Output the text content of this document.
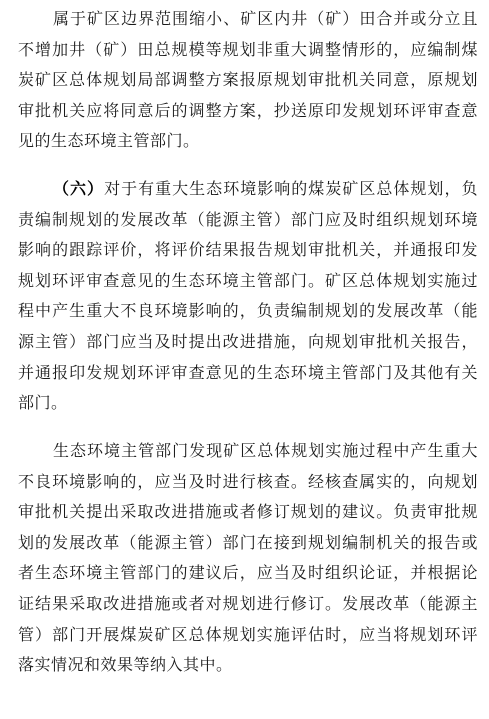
属于矿区边界范围缩小、矿区内井（矿）田合并或分立且不增加井（矿）田总规模等规划非重大调整情形的，应编制煤炭矿区总体规划局部调整方案报原规划审批机关同意，原规划审批机关应将同意后的调整方案，抄送原印发规划环评审查意见的生态环境主管部门。

（六）对于有重大生态环境影响的煤炭矿区总体规划，负责编制规划的发展改革（能源主管）部门应及时组织规划环境影响的跟踪评价，将评价结果报告规划审批机关，并通报印发规划环评审查意见的生态环境主管部门。矿区总体规划实施过程中产生重大不良环境影响的，负责编制规划的发展改革（能源主管）部门应当及时提出改进措施，向规划审批机关报告，并通报印发规划环评审查意见的生态环境主管部门及其他有关部门。

生态环境主管部门发现矿区总体规划实施过程中产生重大不良环境影响的，应当及时进行核查。经核查属实的，向规划审批机关提出采取改进措施或者修订规划的建议。负责审批规划的发展改革（能源主管）部门在接到规划编制机关的报告或者生态环境主管部门的建议后，应当及时组织论证，并根据论证结果采取改进措施或者对规划进行修订。发展改革（能源主管）部门开展煤炭矿区总体规划实施评估时，应当将规划环评落实情况和效果等纳入其中。
